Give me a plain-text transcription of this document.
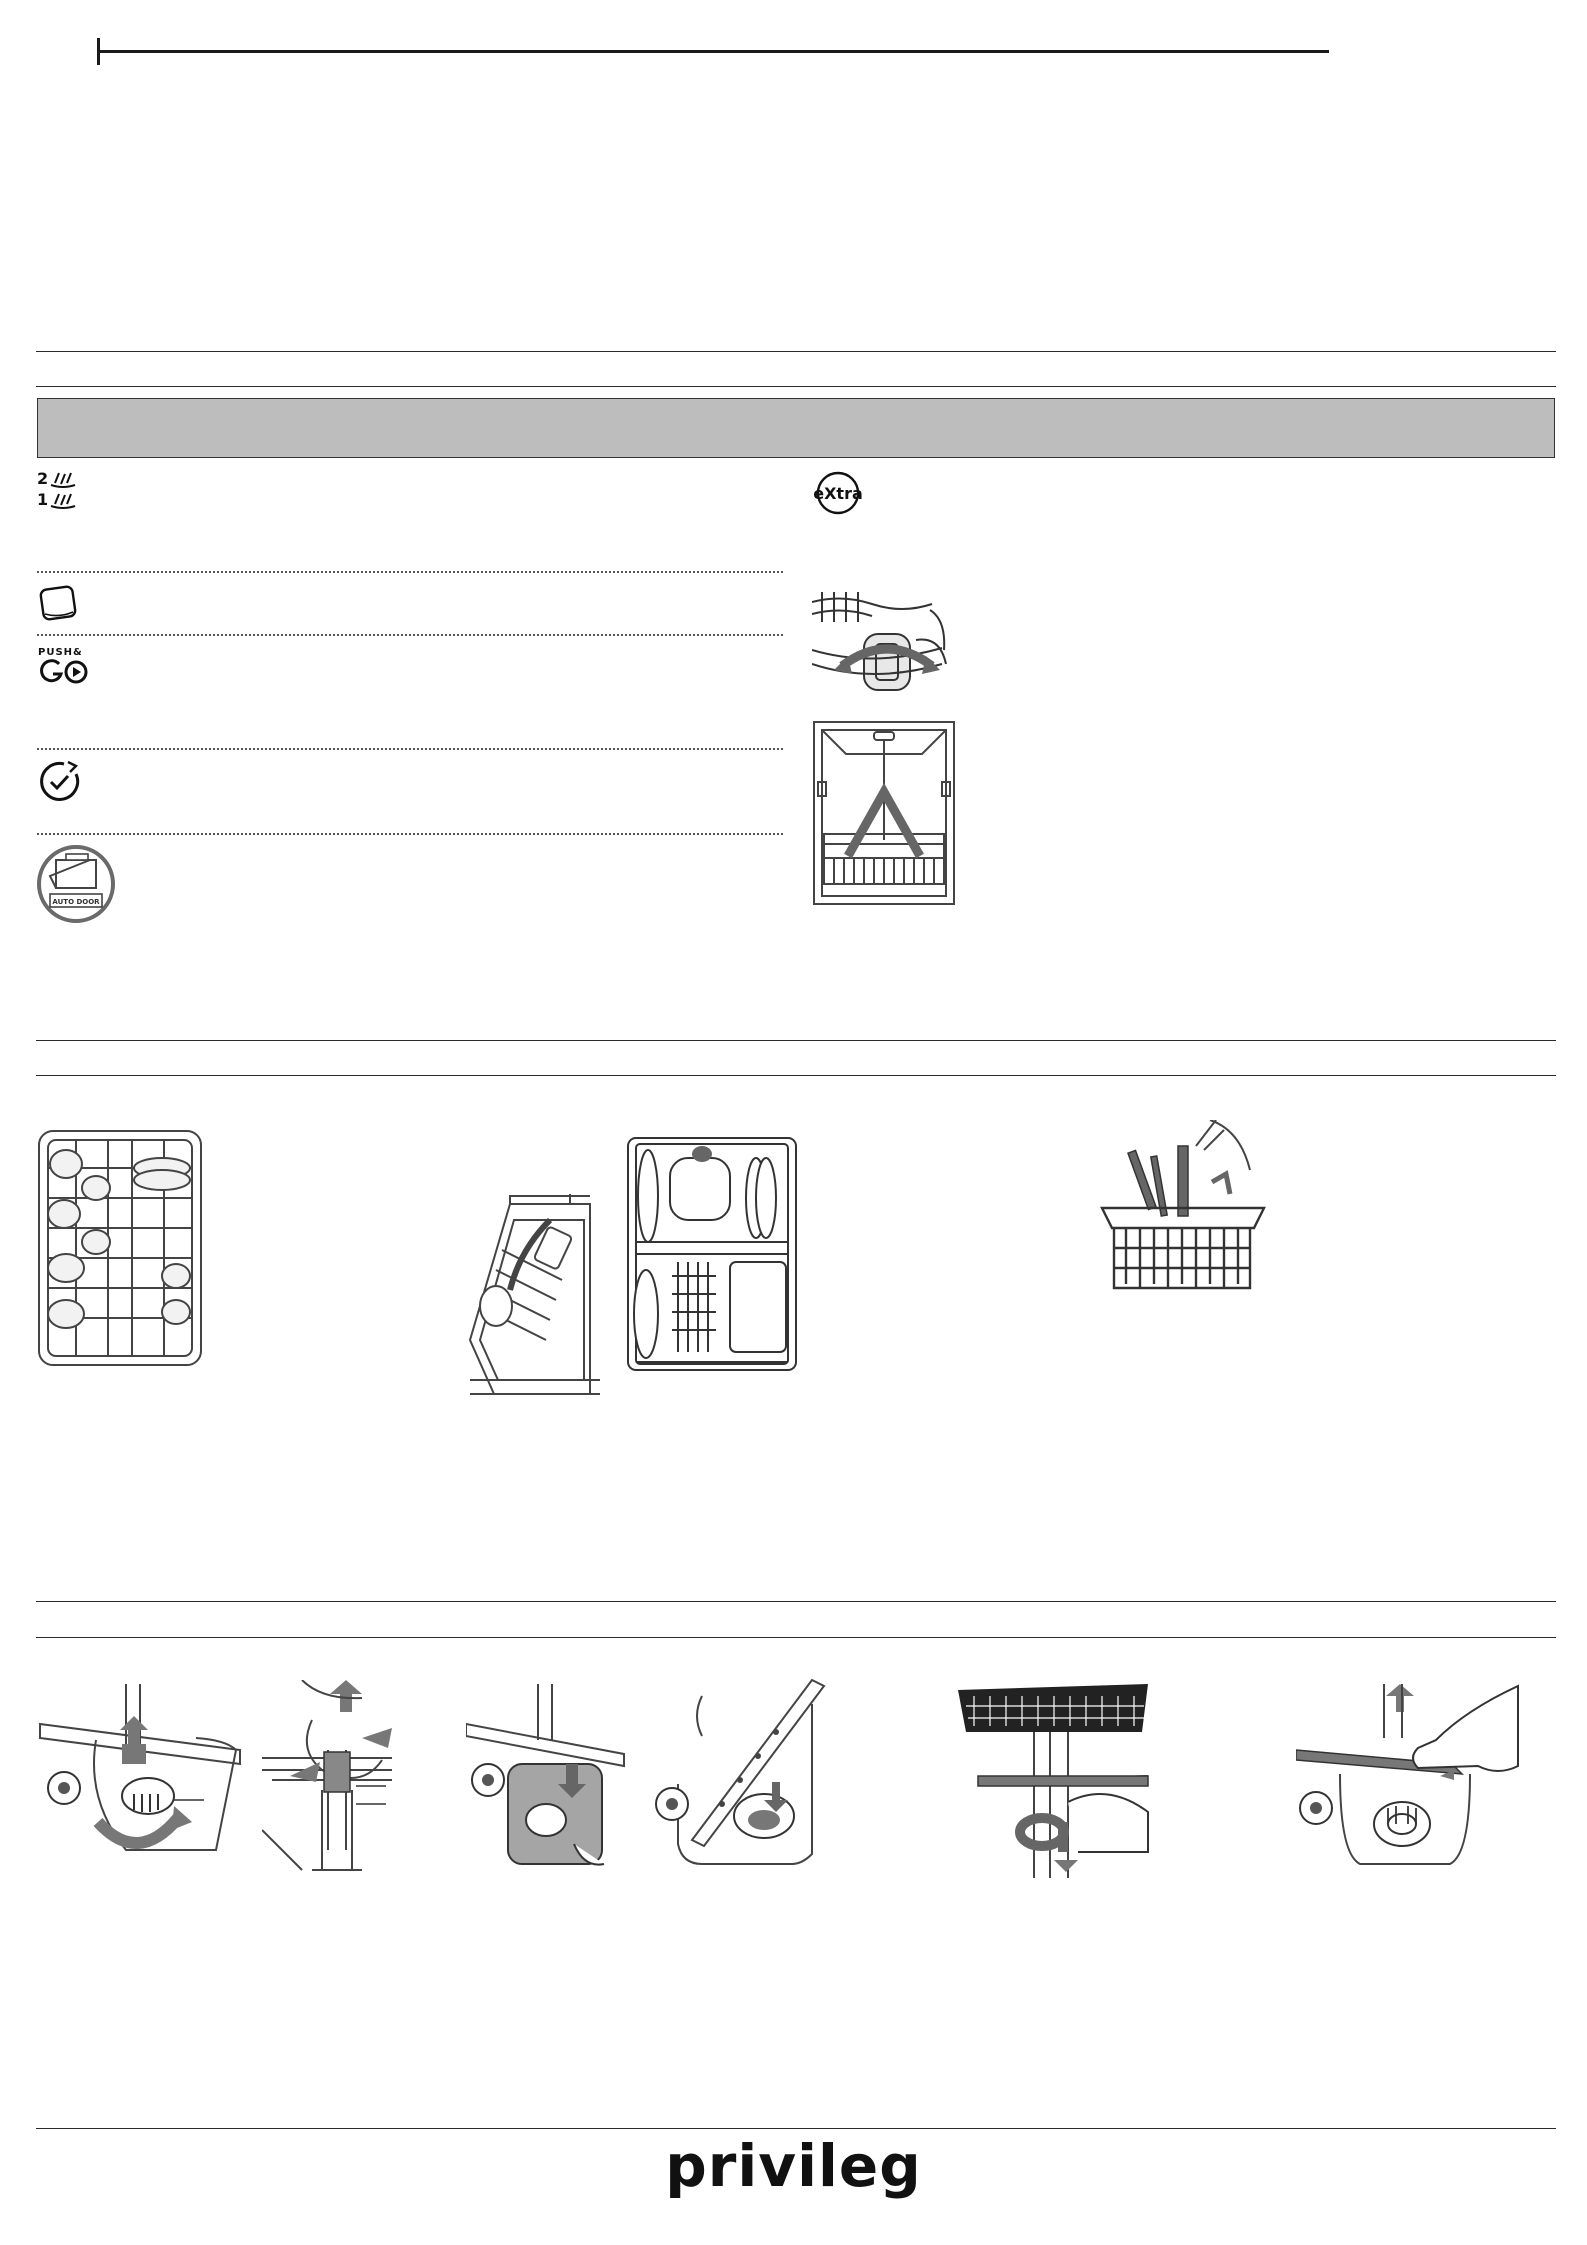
2
1
PUSH&
AUTO DOOR
eXtra
privileg
